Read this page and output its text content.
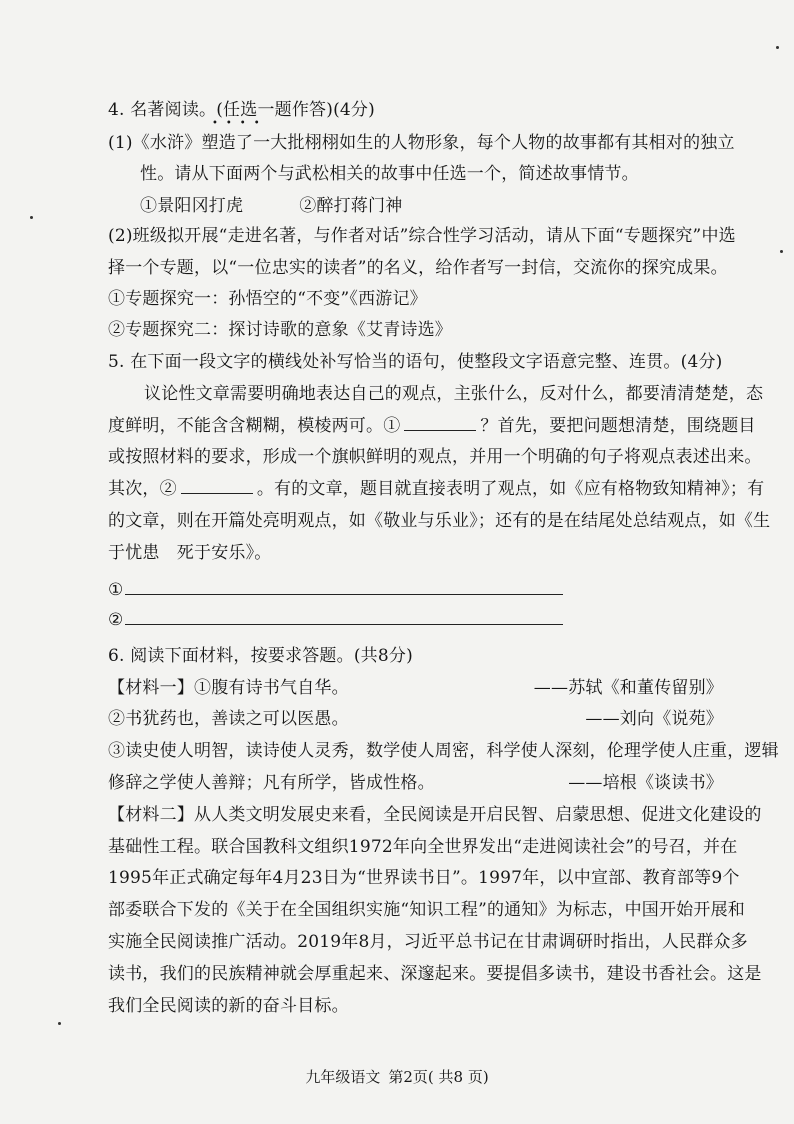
4. 名著阅读。(任选一题作答)(4分)
••••
(1)《水浒》塑造了一大批栩栩如生的人物形象，每个人物的故事都有其相对的独立
性。请从下面两个与武松相关的故事中任选一个，简述故事情节。
①景阳冈打虎	②醉打蒋门神
(2)班级拟开展“走进名著，与作者对话”综合性学习活动，请从下面“专题探究”中选
择一个专题，以“一位忠实的读者”的名义，给作者写一封信，交流你的探究成果。
①专题探究一：孙悟空的“不变”《西游记》
②专题探究二：探讨诗歌的意象《艾青诗选》
5. 在下面一段文字的横线处补写恰当的语句，使整段文字语意完整、连贯。(4分)
议论性文章需要明确地表达自己的观点，主张什么，反对什么，都要清清楚楚，态
度鲜明，不能含含糊糊，模棱两可。①	？首先，要把问题想清楚，围绕题目
或按照材料的要求，形成一个旗帜鲜明的观点，并用一个明确的句子将观点表述出来。
其次，②	。有的文章，题目就直接表明了观点，如《应有格物致知精神》；有
的文章，则在开篇处亮明观点，如《敬业与乐业》；还有的是在结尾处总结观点，如《生
于忧患　死于安乐》。
①
②
6. 阅读下面材料，按要求答题。(共8分)
【材料一】①腹有诗书气自华。	——苏轼《和董传留别》
②书犹药也，善读之可以医愚。	——刘向《说苑》
③读史使人明智，读诗使人灵秀，数学使人周密，科学使人深刻，伦理学使人庄重，逻辑
修辞之学使人善辩；凡有所学，皆成性格。	——培根《谈读书》
【材料二】从人类文明发展史来看，全民阅读是开启民智、启蒙思想、促进文化建设的
基础性工程。联合国教科文组织1972年向全世界发出“走进阅读社会”的号召，并在
1995年正式确定每年4月23日为“世界读书日”。1997年，以中宣部、教育部等9个
部委联合下发的《关于在全国组织实施“知识工程”的通知》为标志，中国开始开展和
实施全民阅读推广活动。2019年8月，习近平总书记在甘肃调研时指出，人民群众多
读书，我们的民族精神就会厚重起来、深邃起来。要提倡多读书，建设书香社会。这是
我们全民阅读的新的奋斗目标。
九年级语文 第2页( 共8 页)
